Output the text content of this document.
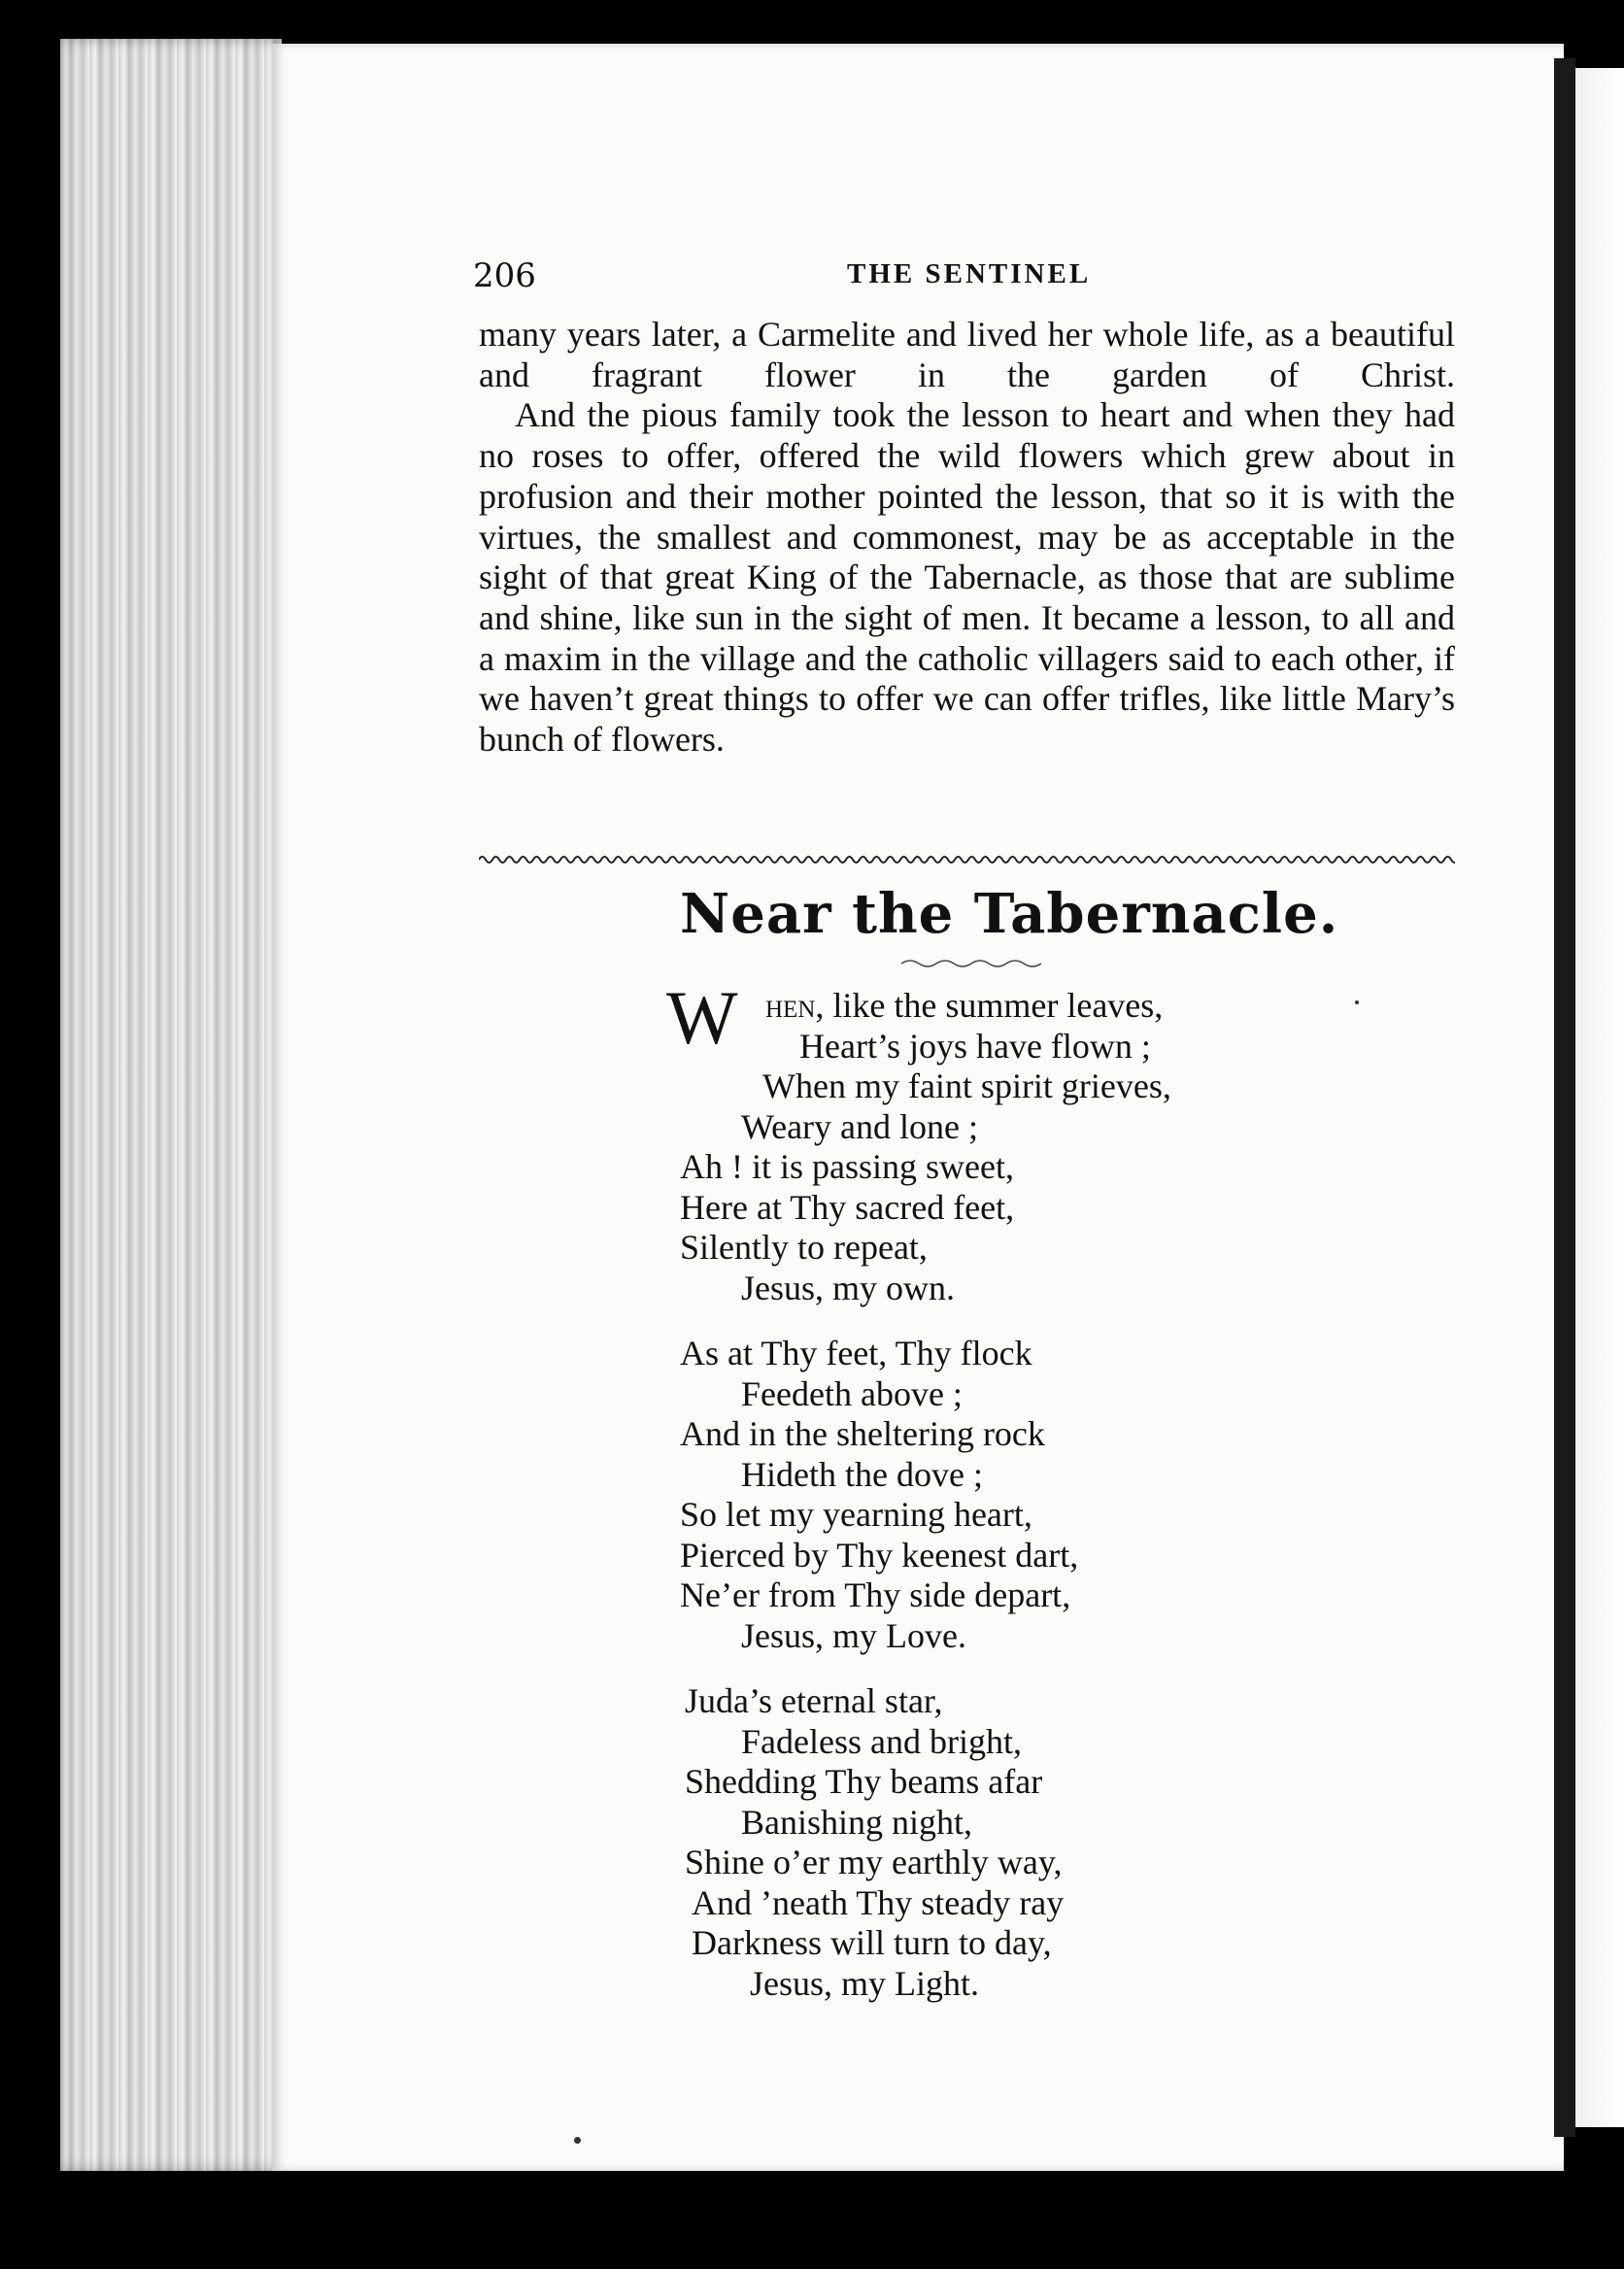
206	THE SENTINEL

many years later, a Carmelite and lived her whole life, as a beautiful and fragrant flower in the garden of Christ.

And the pious family took the lesson to heart and when they had no roses to offer, offered the wild flowers which grew about in profusion and their mother pointed the lesson, that so it is with the virtues, the smallest and commonest, may be as acceptable in the sight of that great King of the Tabernacle, as those that are sublime and shine, like sun in the sight of men. It became a lesson, to all and a maxim in the village and the catholic villagers said to each other, if we haven’t great things to offer we can offer trifles, like little Mary’s bunch of flowers.

Near the Tabernacle.
W hen, like the summer leaves,
Heart’s joys have flown ;
When my faint spirit grieves,
Weary and lone ;
Ah ! it is passing sweet,
Here at Thy sacred feet,
Silently to repeat,
Jesus, my own.
As at Thy feet, Thy flock
Feedeth above ;
And in the sheltering rock
Hideth the dove ;
So let my yearning heart,
Pierced by Thy keenest dart,
Ne’er from Thy side depart,
Jesus, my Love.
Juda’s eternal star,
Fadeless and bright,
Shedding Thy beams afar
Banishing night,
Shine o’er my earthly way,
And ’neath Thy steady ray
Darkness will turn to day,
Jesus, my Light.
